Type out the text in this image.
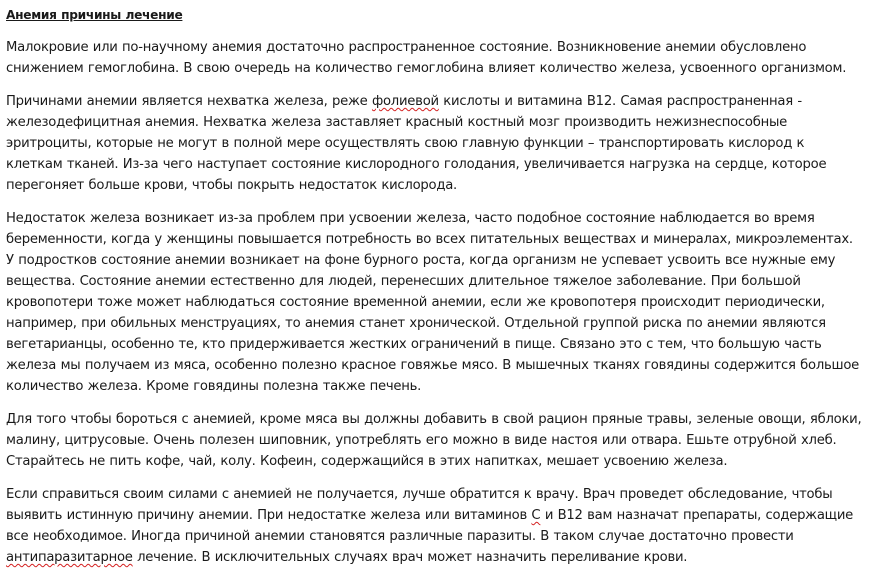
Анемия причины лечение

Малокровие или по-научному анемия достаточно распространенное состояние. Возникновение анемии обусловлено снижением гемоглобина. В свою очередь на количество гемоглобина влияет количество железа, усвоенного организмом.

Причинами анемии является нехватка железа, реже фолиевой кислоты и витамина В12. Самая распространенная - железодефицитная анемия. Нехватка железа заставляет красный костный мозг производить нежизнеспособные эритроциты, которые не могут в полной мере осуществлять свою главную функции – транспортировать кислород к клеткам тканей. Из-за чего наступает состояние кислородного голодания, увеличивается нагрузка на сердце, которое перегоняет больше крови, чтобы покрыть недостаток кислорода.

Недостаток железа возникает из-за проблем при усвоении железа, часто подобное состояние наблюдается во время беременности, когда у женщины повышается потребность во всех питательных веществах и минералах, микроэлементах. У подростков состояние анемии возникает на фоне бурного роста, когда организм не успевает усвоить все нужные ему вещества. Состояние анемии естественно для людей, перенесших длительное тяжелое заболевание. При большой кровопотери тоже может наблюдаться состояние временной анемии, если же кровопотеря происходит периодически, например, при обильных менструациях, то анемия станет хронической. Отдельной группой риска по анемии являются вегетарианцы, особенно те, кто придерживается жестких ограничений в пище. Связано это с тем, что большую часть железа мы получаем из мяса, особенно полезно красное говяжье мясо. В мышечных тканях говядины содержится большое количество железа. Кроме говядины полезна также печень.

Для того чтобы бороться с анемией, кроме мяса вы должны добавить в свой рацион пряные травы, зеленые овощи, яблоки, малину, цитрусовые. Очень полезен шиповник, употреблять его можно в виде настоя или отвара. Ешьте отрубной хлеб. Старайтесь не пить кофе, чай, колу. Кофеин, содержащийся в этих напитках, мешает усвоению железа.

Если справиться своим силами с анемией не получается, лучше обратится к врачу. Врач проведет обследование, чтобы выявить истинную причину анемии. При недостатке железа или витаминов С и В12 вам назначат препараты, содержащие все необходимое. Иногда причиной анемии становятся различные паразиты. В таком случае достаточно провести антипаразитарное лечение. В исключительных случаях врач может назначить переливание крови.
